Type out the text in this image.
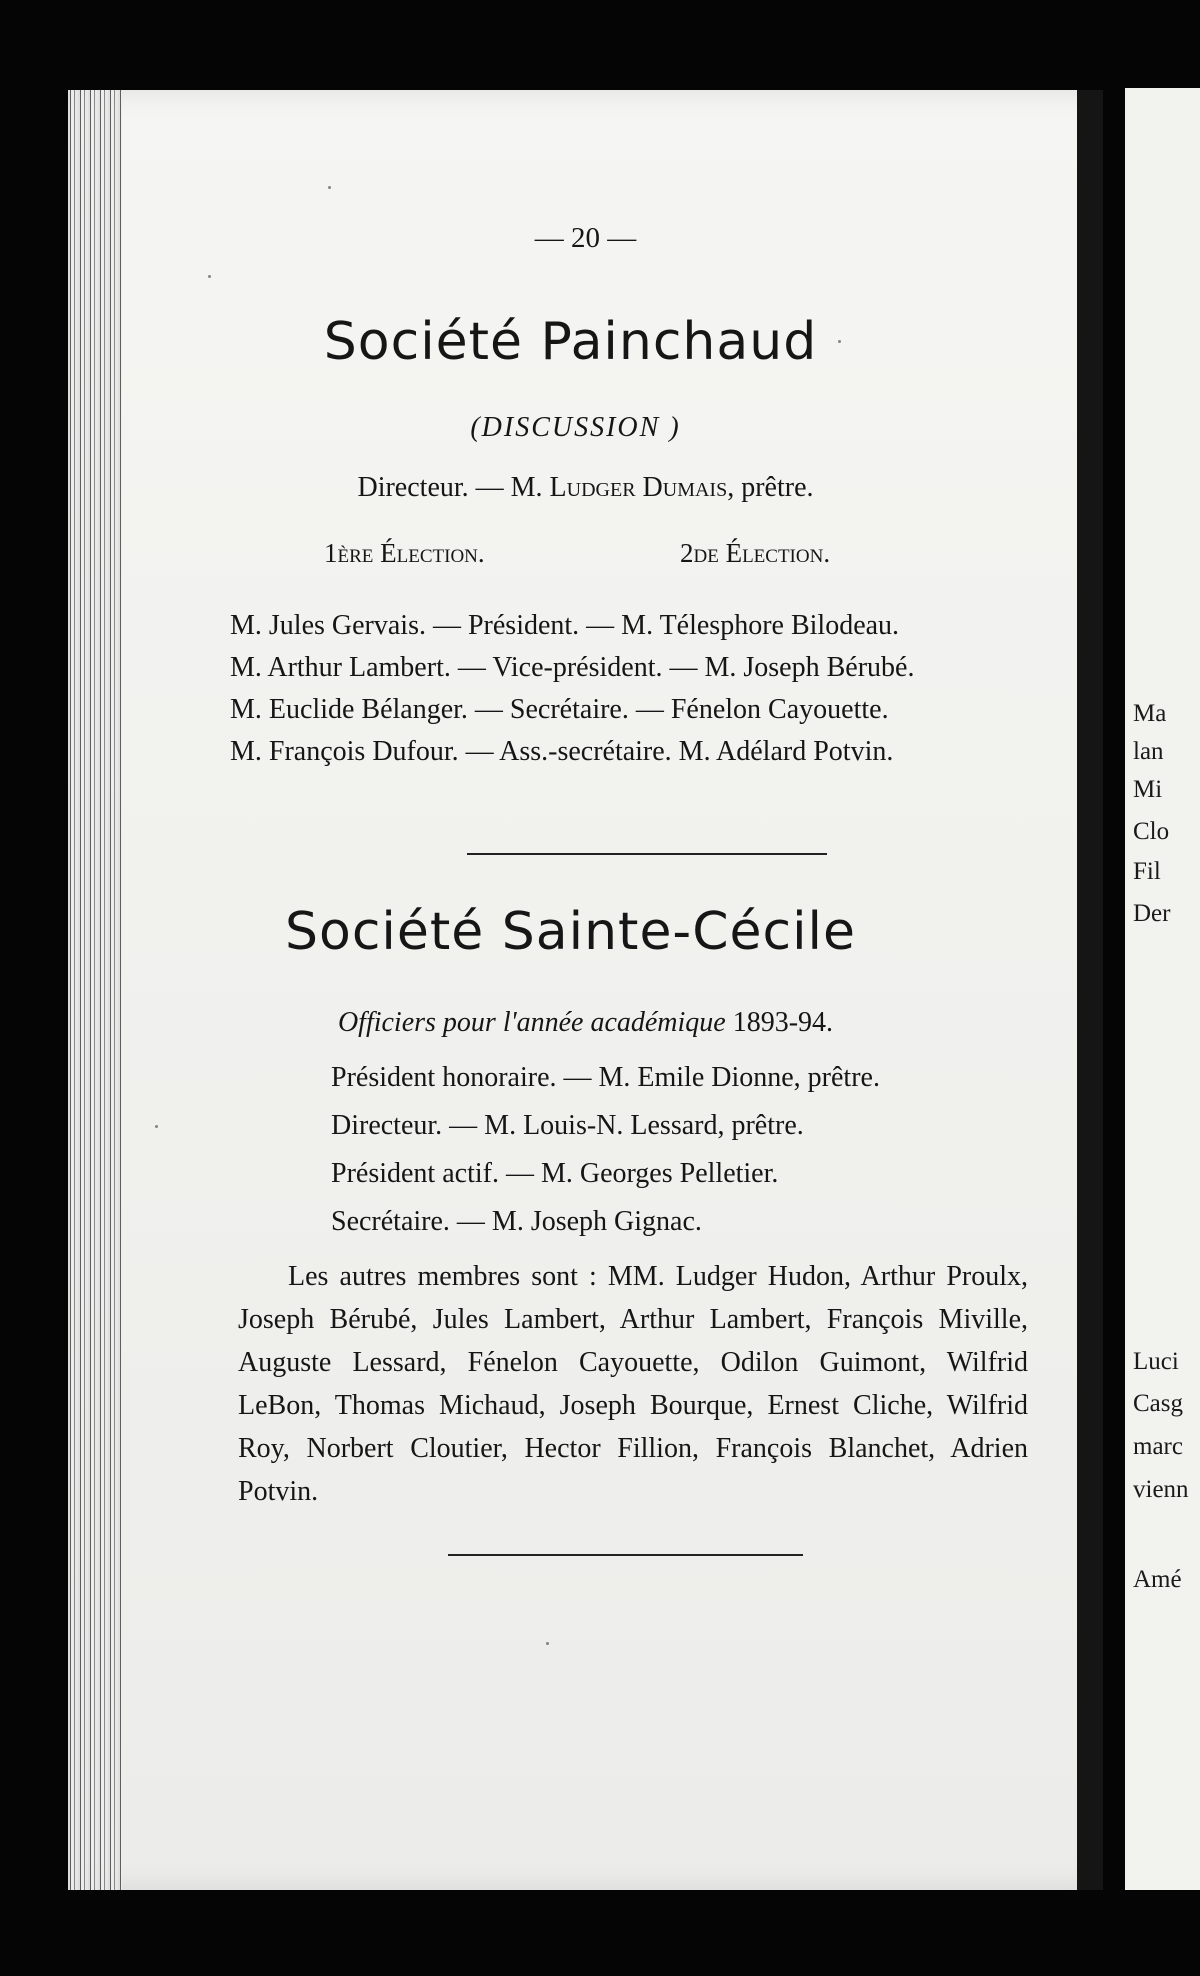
— 20 —
Société Painchaud
(DISCUSSION )
Directeur. — M. Ludger Dumais, prêtre.
1ère Élection.	2de Élection.
M. Jules Gervais. — Président. — M. Télesphore Bilodeau.
M. Arthur Lambert. — Vice-président. — M. Joseph Bérubé.
M. Euclide Bélanger. — Secrétaire. — Fénelon Cayouette.
M. François Dufour. — Ass.-secrétaire. M. Adélard Potvin.
Société Sainte-Cécile
Officiers pour l'année académique 1893-94.
Président honoraire. — M. Emile Dionne, prêtre.
Directeur. — M. Louis-N. Lessard, prêtre.
Président actif. — M. Georges Pelletier.
Secrétaire. — M. Joseph Gignac.

Les autres membres sont : MM. Ludger Hudon, Arthur Proulx, Joseph Bérubé, Jules Lambert, Arthur Lambert, François Miville, Auguste Lessard, Fénelon Cayouette, Odilon Guimont, Wilfrid LeBon, Thomas Michaud, Joseph Bourque, Ernest Cliche, Wilfrid Roy, Norbert Cloutier, Hector Fillion, François Blanchet, Adrien Potvin.

Ma
lan
Mi
Clo
Fil
Der
Luci
Casg
marc
vienn
Amé
